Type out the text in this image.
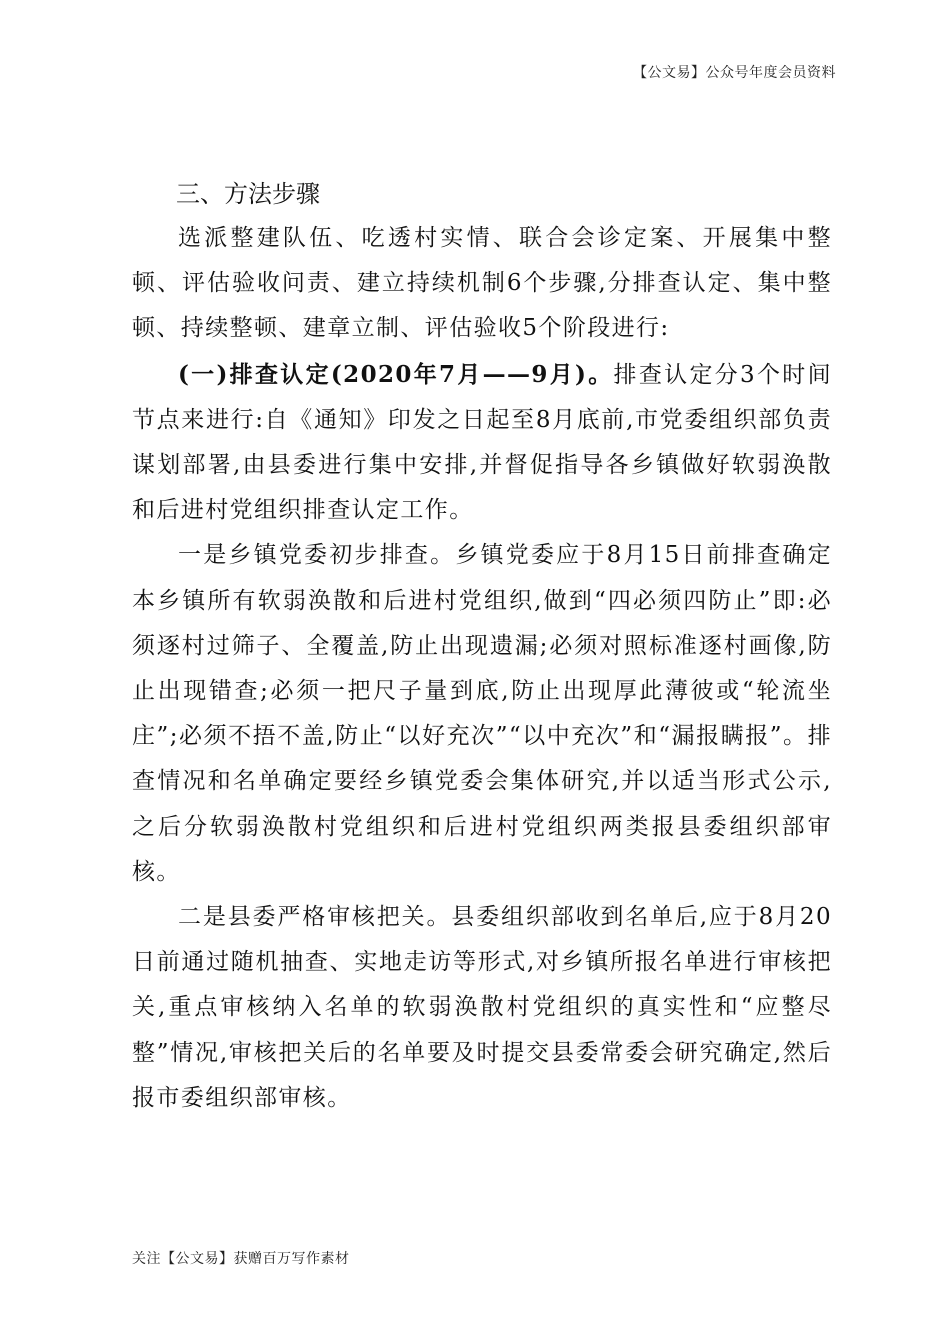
【公文易】公众号年度会员资料
三、方法步骤

选派整建队伍、吃透村实情、联合会诊定案、开展集中整顿、评估验收问责、建立持续机制6个步骤,分排查认定、集中整顿、持续整顿、建章立制、评估验收5个阶段进行:

(一)排查认定(2020年7月——9月)。排查认定分3个时间节点来进行:自《通知》印发之日起至8月底前,市党委组织部负责谋划部署,由县委进行集中安排,并督促指导各乡镇做好软弱涣散和后进村党组织排查认定工作。

一是乡镇党委初步排查。乡镇党委应于8月15日前排查确定本乡镇所有软弱涣散和后进村党组织,做到“四必须四防止”即:必须逐村过筛子、全覆盖,防止出现遗漏;必须对照标准逐村画像,防止出现错查;必须一把尺子量到底,防止出现厚此薄彼或“轮流坐庄”;必须不捂不盖,防止“以好充次”“以中充次”和“漏报瞒报”。排查情况和名单确定要经乡镇党委会集体研究,并以适当形式公示,之后分软弱涣散村党组织和后进村党组织两类报县委组织部审核。

二是县委严格审核把关。县委组织部收到名单后,应于8月20日前通过随机抽查、实地走访等形式,对乡镇所报名单进行审核把关,重点审核纳入名单的软弱涣散村党组织的真实性和“应整尽整”情况,审核把关后的名单要及时提交县委常委会研究确定,然后报市委组织部审核。

关注【公文易】获赠百万写作素材
